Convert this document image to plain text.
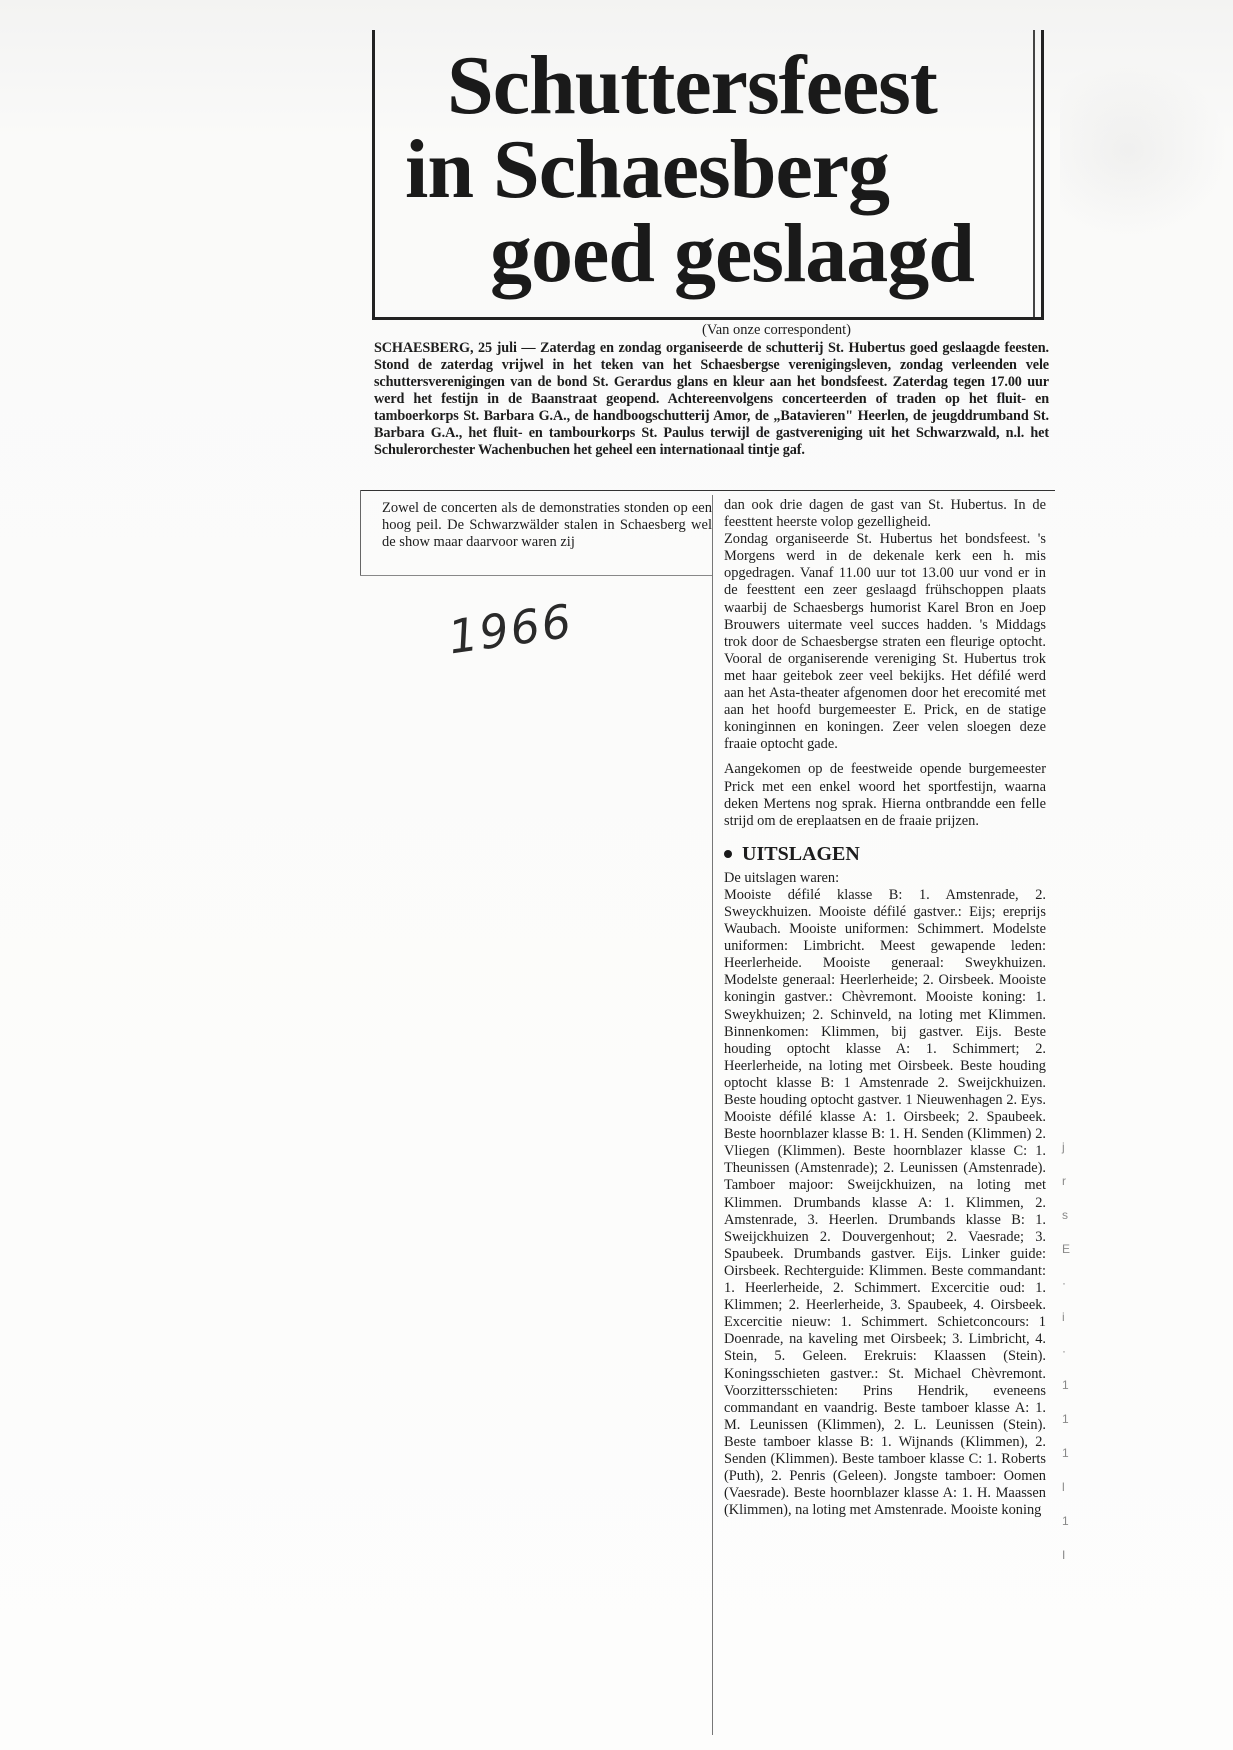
Schuttersfeest
in Schaesberg
goed geslaagd
(Van onze correspondent)
SCHAESBERG, 25 juli — Zaterdag en zondag organiseerde de schutterij St. Hubertus goed geslaagde feesten. Stond de zaterdag vrijwel in het teken van het Schaesbergse verenigingsleven, zondag verleenden vele schuttersverenigingen van de bond St. Gerardus glans en kleur aan het bondsfeest. Zaterdag tegen 17.00 uur werd het festijn in de Baanstraat geopend. Achtereenvolgens concerteerden of traden op het fluit- en tamboerkorps St. Barbara G.A., de handboogschutterij Amor, de „Batavieren" Heerlen, de jeugddrumband St. Barbara G.A., het fluit- en tambourkorps St. Paulus terwijl de gastvereniging uit het Schwarzwald, n.l. het Schulerorchester Wachenbuchen het geheel een internationaal tintje gaf.
Zowel de concerten als de demonstraties stonden op een hoog peil. De Schwarzwälder stalen in Schaesberg wel de show maar daarvoor waren zij

dan ook drie dagen de gast van St. Hubertus. In de feesttent heerste volop gezelligheid.

Zondag organiseerde St. Hubertus het bondsfeest. 's Morgens werd in de dekenale kerk een h. mis opgedragen. Vanaf 11.00 uur tot 13.00 uur vond er in de feesttent een zeer geslaagd frühschoppen plaats waarbij de Schaesbergs humorist Karel Bron en Joep Brouwers uitermate veel succes hadden. 's Middags trok door de Schaesbergse straten een fleurige optocht. Vooral de organiserende vereniging St. Hubertus trok met haar geitebok zeer veel bekijks. Het défilé werd aan het Asta-theater afgenomen door het erecomité met aan het hoofd burgemeester E. Prick, en de statige koninginnen en koningen. Zeer velen sloegen deze fraaie optocht gade.

Aangekomen op de feestweide opende burgemeester Prick met een enkel woord het sportfestijn, waarna deken Mertens nog sprak. Hierna ontbrandde een felle strijd om de ereplaatsen en de fraaie prijzen.

UITSLAGEN
De uitslagen waren:
Mooiste défilé klasse B: 1. Amstenrade, 2. Sweyckhuizen. Mooiste défilé gastver.: Eijs; ereprijs Waubach. Mooiste uniformen: Schimmert. Modelste uniformen: Limbricht. Meest gewapende leden: Heerlerheide. Mooiste generaal: Sweykhuizen. Modelste generaal: Heerlerheide; 2. Oirsbeek. Mooiste koningin gastver.: Chèvremont. Mooiste koning: 1. Sweykhuizen; 2. Schinveld, na loting met Klimmen. Binnenkomen: Klimmen, bij gastver. Eijs. Beste houding optocht klasse A: 1. Schimmert; 2. Heerlerheide, na loting met Oirsbeek. Beste houding optocht klasse B: 1 Amstenrade 2. Sweijckhuizen. Beste houding optocht gastver. 1 Nieuwenhagen 2. Eys. Mooiste défilé klasse A: 1. Oirsbeek; 2. Spaubeek. Beste hoornblazer klasse B: 1. H. Senden (Klimmen) 2. Vliegen (Klimmen). Beste hoornblazer klasse C: 1. Theunissen (Amstenrade); 2. Leunissen (Amstenrade). Tamboer majoor: Sweijckhuizen, na loting met Klimmen. Drumbands klasse A: 1. Klimmen, 2. Amstenrade, 3. Heerlen. Drumbands klasse B: 1. Sweijckhuizen 2. Douvergenhout; 2. Vaesrade; 3. Spaubeek. Drumbands gastver. Eijs. Linker guide: Oirsbeek. Rechterguide: Klimmen. Beste commandant: 1. Heerlerheide, 2. Schimmert. Excercitie oud: 1. Klimmen; 2. Heerlerheide, 3. Spaubeek, 4. Oirsbeek. Excercitie nieuw: 1. Schimmert. Schietconcours: 1 Doenrade, na kaveling met Oirsbeek; 3. Limbricht, 4. Stein, 5. Geleen. Erekruis: Klaassen (Stein). Koningsschieten gastver.: St. Michael Chèvremont. Voorzittersschieten: Prins Hendrik, eveneens commandant en vaandrig. Beste tamboer klasse A: 1. M. Leunissen (Klimmen), 2. L. Leunissen (Stein). Beste tamboer klasse B: 1. Wijnands (Klimmen), 2. Senden (Klimmen). Beste tamboer klasse C: 1. Roberts (Puth), 2. Penris (Geleen). Jongste tamboer: Oomen (Vaesrade). Beste hoornblazer klasse A: 1. H. Maassen (Klimmen), na loting met Amstenrade. Mooiste koning
1966
j
r
s
E
·
i
·
1
1
1
l
1
I
